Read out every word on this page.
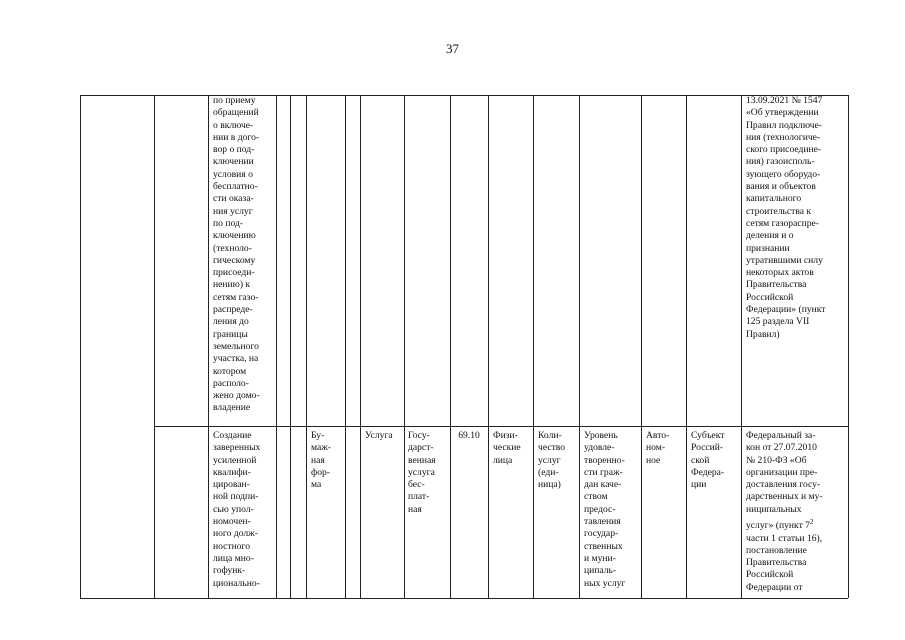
37
по приему
обращений
о включе-
нии в дого-
вор о под-
ключении
условия о
бесплатно-
сти оказа-
ния услуг
по под-
ключению
(техноло-
гическому
присоеди-
нению) к
сетям газо-
распреде-
ления до
границы
земельного
участка, на
котором
располо-
жено домо-
владение
13.09.2021 № 1547
«Об утверждении
Правил подключе-
ния (технологиче-
ского присоедине-
ния) газоисполь-
зующего оборудо-
вания и объектов
капитального
строительства к
сетям газораспре-
деления и о
признании
утратившими силу
некоторых актов
Правительства
Российской
Федерации» (пункт
125 раздела VII
Правил)
Создание
заверенных
усиленной
квалифи-
цирован-
ной подпи-
сью упол-
номочен-
ного долж-
ностного
лица мно-
гофунк-
ционально-
Бу-
маж-
ная
фор-
ма
Услуга	Госу-
дарст-
венная
услуга
бес-
плат-
ная
69.10	Физи-
ческие
лица
Коли-
чество
услуг
(еди-
ница)
Уровень
удовле-
творенно-
сти граж-
дан каче-
ством
предос-
тавления
государ-
ственных
и муни-
ципаль-
ных услуг
Авто-
ном-
ное
Субъект
Россий-
ской
Федера-
ции
Федеральный за-
кон от 27.07.2010
№ 210-ФЗ «Об
организации пре-
доставления госу-
дарственных и му-
ниципальных
услуг» (пункт $7^2$
части 1 статьи 16),
постановление
Правительства
Российской
Федерации от
